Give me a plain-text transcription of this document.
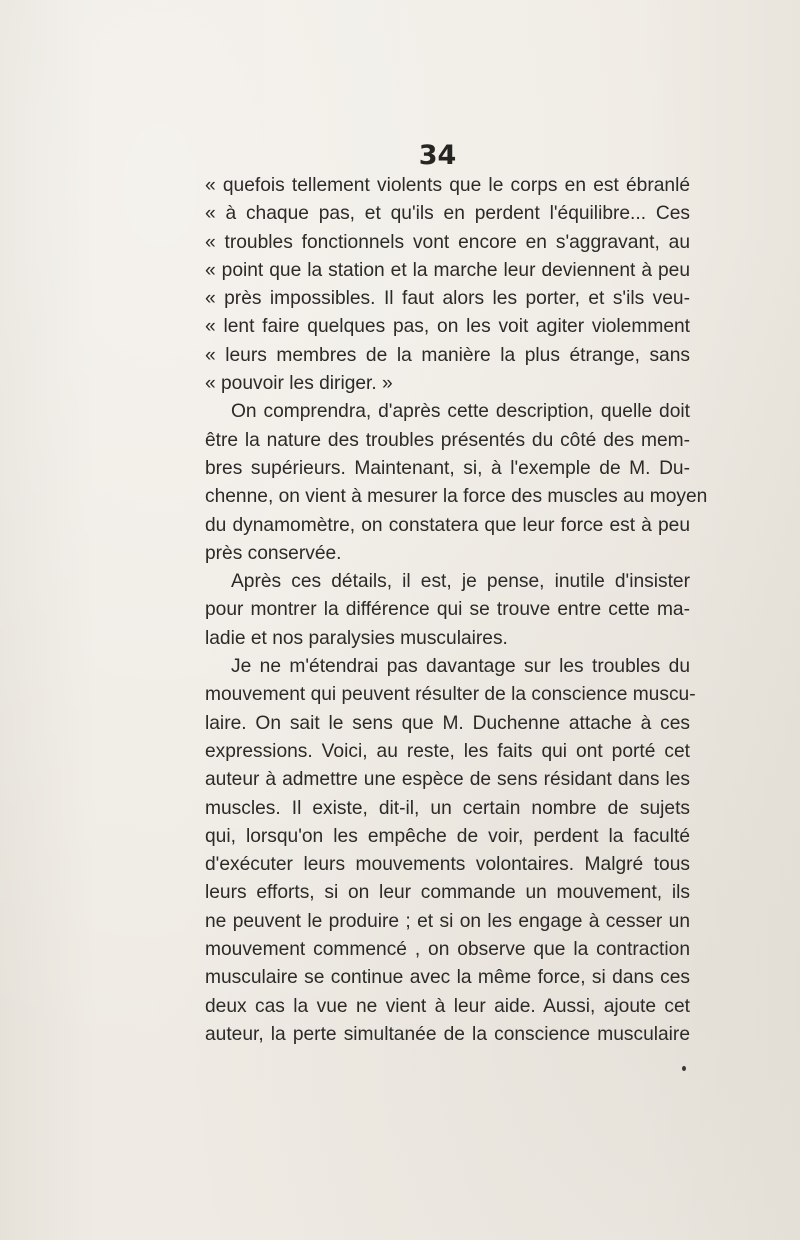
34
« quefois tellement violents que le corps en est ébranlé
« à chaque pas, et qu'ils en perdent l'équilibre... Ces
« troubles fonctionnels vont encore en s'aggravant, au
« point que la station et la marche leur deviennent à peu
« près impossibles. Il faut alors les porter, et s'ils veu-
« lent faire quelques pas, on les voit agiter violemment
« leurs membres de la manière la plus étrange, sans
« pouvoir les diriger. »
On comprendra, d'après cette description, quelle doit
être la nature des troubles présentés du côté des mem-
bres supérieurs. Maintenant, si, à l'exemple de M. Du-
chenne, on vient à mesurer la force des muscles au moyen
du dynamomètre, on constatera que leur force est à peu
près conservée.
Après ces détails, il est, je pense, inutile d'insister
pour montrer la différence qui se trouve entre cette ma-
ladie et nos paralysies musculaires.
Je ne m'étendrai pas davantage sur les troubles du
mouvement qui peuvent résulter de la conscience muscu-
laire. On sait le sens que M. Duchenne attache à ces
expressions. Voici, au reste, les faits qui ont porté cet
auteur à admettre une espèce de sens résidant dans les
muscles. Il existe, dit-il, un certain nombre de sujets
qui, lorsqu'on les empêche de voir, perdent la faculté
d'exécuter leurs mouvements volontaires. Malgré tous
leurs efforts, si on leur commande un mouvement, ils
ne peuvent le produire ; et si on les engage à cesser un
mouvement commencé , on observe que la contraction
musculaire se continue avec la même force, si dans ces
deux cas la vue ne vient à leur aide. Aussi, ajoute cet
auteur, la perte simultanée de la conscience musculaire
